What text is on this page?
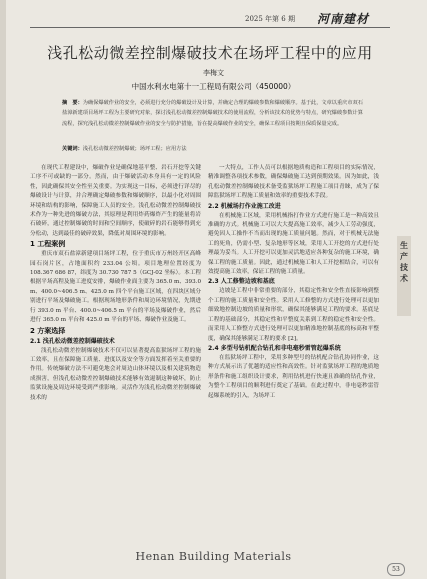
2025 年第 6 期 河南建材
浅孔松动微差控制爆破技术在场坪工程中的应用
李梅文
中国水利水电第十一工程局有限公司（450000）
摘　要：为确保爆破作业的安全，必须进行充分的爆破设计及计算，并确定合理的爆破参数和爆破顺序。基于此，文章以重庆市双石盐漳新建项目场坪工程为主要研究对象，探讨浅孔松动微差控制爆破技术的使用流程，分析该技术的优势与特点，研究爆破参数计算流程，探究浅孔松动微差控制爆破作业的安全与防护措施，旨在提高爆破作业的安全，确保工程项目按期且保质保量完成。
关键词：浅孔松动微差控制爆破；场坪工程；应用方法

在现代工程建设中，爆破作业是确保地基平整、岩石开挖等关键工序不可或缺的一部分。然而，由于爆破活动本身具有一定的风险性，因此确保其安全性至关重要。为实现这一目标，必须进行详尽的爆破设计与计算，并合理确定爆破参数和爆破顺序，以最小化对周围环境和结构的影响，保障施工人员的安全。浅孔松动微差控制爆破技术作为一种先进的爆破方法，其原理是利用炸药爆炸产生的能量将岩石破碎，通过控制爆破的时间和空间顺序，使破碎的岩石能够得到充分松动，达到最佳的破碎效果，降低对周围环境的影响。

1 工程案例

重庆市双石盐漳新建项目场坪工程，位于重庆市万州经开区高峰园石岗片区，占地面积约 233.04 公顷。项目地理位置经度为 108.367 686 87，纬度为 30.730 787 5（GCJ-02 坐标）。本工程根据平场高程及施工进度安排，爆破作业面主要为 365.0 m、393.0 m、400.0~406.5 m、425.0 m 四个平台施工区域，在四块区域分别进行平场及爆破施工。根据现场地形条件和周边环境情况，先期进行 393.0 m 平台、400.0~406.5 m 平台的平场及爆破作业，然后进行 365.0 m 平台和 425.0 m 平台的平场、爆破作业及施工。

2 方案选择

2.1 浅孔松动微差控制爆破技术

浅孔松动微差控制爆破技术不仅可以显著提高监狱场坪工程的施工效率，且在保障施工质量、进度以及安全等方面发挥着至关重要的作用。传统爆破方法不可避免地会对周边山体环境以及相关建筑物造成损害，但浅孔松动微差控制爆破技术能够有效遏制这种破坏，防止监狱设施及周边环境受到严重影响。灵活作为浅孔松动微差控制爆破技术的

一大特点，工作人员可以根据地质构造和工程项目的实际情况，精准调整各项技术参数，确保爆破施工达到预期效果。因为如此，浅孔松动微差控制爆破技术备受监狱场坪工程施工项目青睐，成为了保障监狱场坪工程施工质量和效率的重要技术手段。

2.2 机械场打作业施工改进

在机械施工区域，采用机械指打作业方式进行施工是一种高效且准确的方式。机械施工可以大大提高施工效率，减少人工劳动强度，避免因人工操作不当而出现的施工质量问题。然而，对于机械无法施工的死角，仍需小型、复杂地形等区域，采用人工开挖的方式进行处理最为妥当。人工开挖可以更加灵活地适应各种复杂的施工环境，确保工程的施工质量。因此，通过机械施工和人工开挖相结合，可以有效提高施工效率，保证工程的施工质量。

2.3 人工修整边坡和基底

边坡是工程中非常重要的部分，其稳定性和安全性直接影响到整个工程的施工质量和安全性。采用人工修整的方式进行处理可以更加细致地控制边坡的质量和形状，确保其能够满足工程的要求。基底是工程的基础部分，其稳定性和平整度关系到工程的稳定性和安全性。而采用人工修整方式进行处理可以更加精准地控制基底的标高和平整度，确保其能够满足工程的要求 [2]。

2.4 多型号钻机配合钻孔和非电毫秒雷管起爆系统

在监狱场坪工程中，采用多种型号的钻机配合钻孔协同作业，这种方式展示出了优越的适应性和高效性。针对监狱场坪工程的地质地形条件和施工组织设计要求，利用钻机进行快速且准确的钻孔作业，为整个工程项目的顺利进行奠定了基础。在此过程中，非电毫秒雷管起爆系统的引入，为场坪工

生产技术
Henan Building Materials
53
